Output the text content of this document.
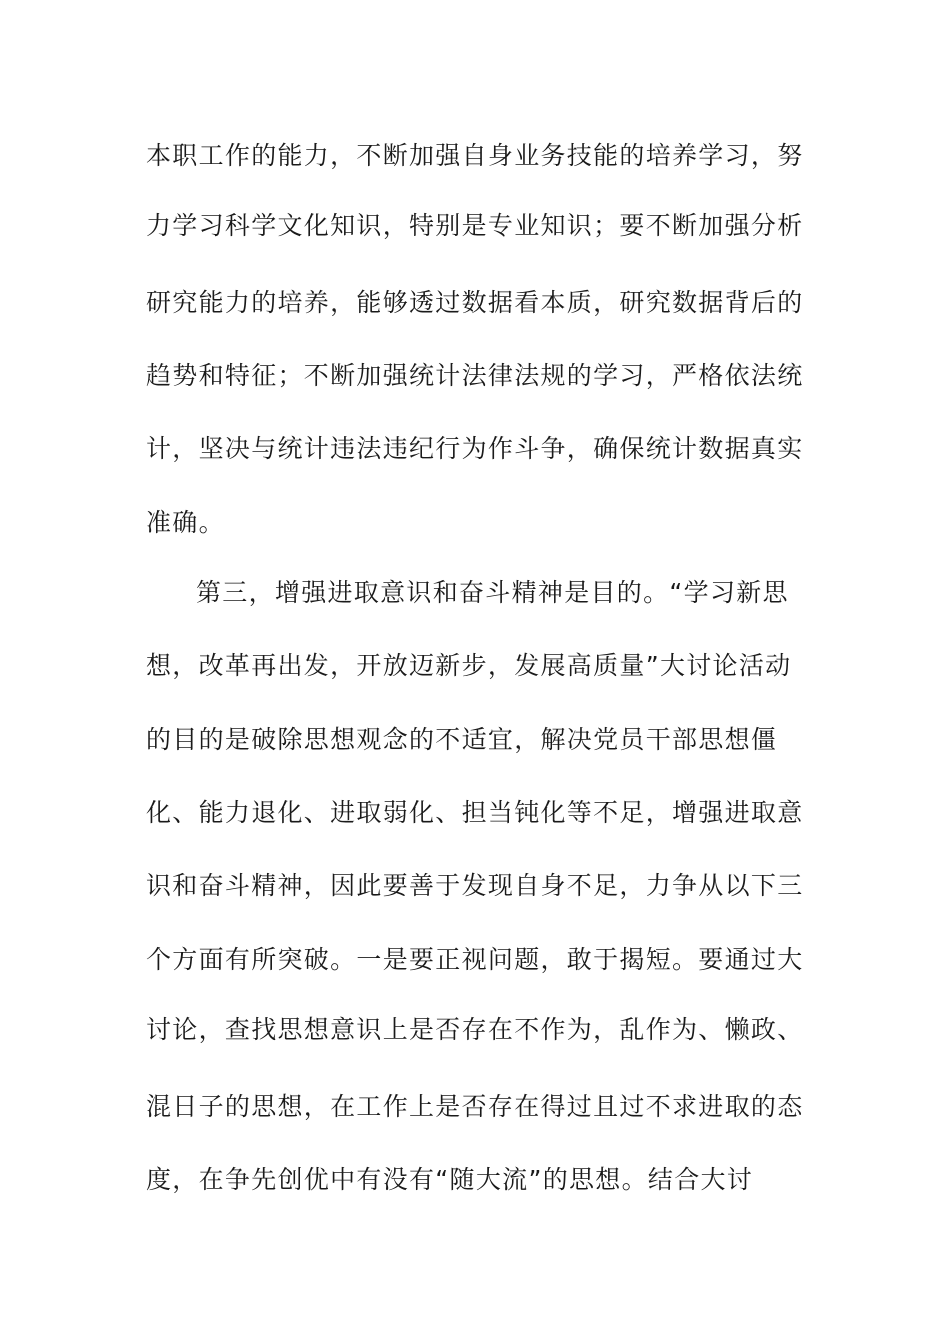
本职工作的能力，不断加强自身业务技能的培养学习，努
力学习科学文化知识，特别是专业知识；要不断加强分析
研究能力的培养，能够透过数据看本质，研究数据背后的
趋势和特征；不断加强统计法律法规的学习，严格依法统
计，坚决与统计违法违纪行为作斗争，确保统计数据真实
准确。
第三，增强进取意识和奋斗精神是目的。“学习新思
想，改革再出发，开放迈新步，发展高质量”大讨论活动
的目的是破除思想观念的不适宜，解决党员干部思想僵
化、能力退化、进取弱化、担当钝化等不足，增强进取意
识和奋斗精神，因此要善于发现自身不足，力争从以下三
个方面有所突破。一是要正视问题，敢于揭短。要通过大
讨论，查找思想意识上是否存在不作为，乱作为、懒政、
混日子的思想，在工作上是否存在得过且过不求进取的态
度，在争先创优中有没有“随大流”的思想。结合大讨
